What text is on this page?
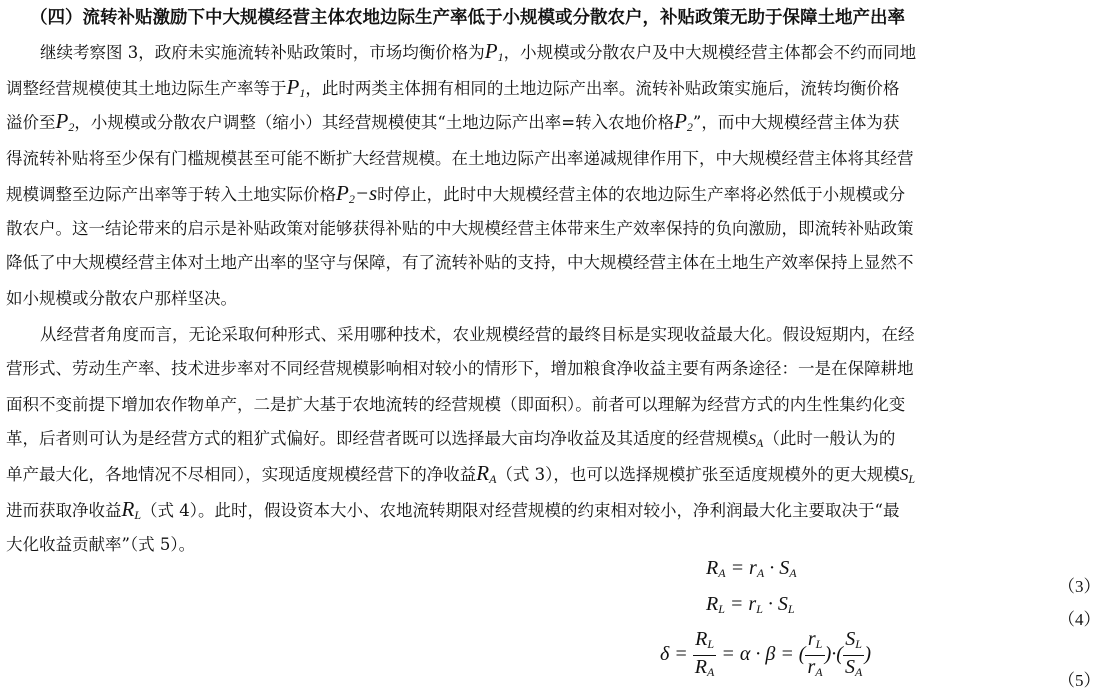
（四）流转补贴激励下中大规模经营主体农地边际生产率低于小规模或分散农户，补贴政策无助于保障土地产出率
继续考察图 3，政府未实施流转补贴政策时，市场均衡价格为P1，小规模或分散农户及中大规模经营主体都会不约而同地
调整经营规模使其土地边际生产率等于P1，此时两类主体拥有相同的土地边际产出率。流转补贴政策实施后，流转均衡价格
溢价至P2，小规模或分散农户调整（缩小）其经营规模使其“土地边际产出率=转入农地价格P2”，而中大规模经营主体为获
得流转补贴将至少保有门槛规模甚至可能不断扩大经营规模。在土地边际产出率递减规律作用下，中大规模经营主体将其经营
规模调整至边际产出率等于转入土地实际价格P2−s时停止，此时中大规模经营主体的农地边际生产率将必然低于小规模或分
散农户。这一结论带来的启示是补贴政策对能够获得补贴的中大规模经营主体带来生产效率保持的负向激励，即流转补贴政策
降低了中大规模经营主体对土地产出率的坚守与保障，有了流转补贴的支持，中大规模经营主体在土地生产效率保持上显然不
如小规模或分散农户那样坚决。
从经营者角度而言，无论采取何种形式、采用哪种技术，农业规模经营的最终目标是实现收益最大化。假设短期内，在经
营形式、劳动生产率、技术进步率对不同经营规模影响相对较小的情形下，增加粮食净收益主要有两条途径：一是在保障耕地
面积不变前提下增加农作物单产，二是扩大基于农地流转的经营规模（即面积）。前者可以理解为经营方式的内生性集约化变
革，后者则可认为是经营方式的粗犷式偏好。即经营者既可以选择最大亩均净收益及其适度的经营规模$S_A$（此时一般认为的
单产最大化，各地情况不尽相同），实现适度规模经营下的净收益RA（式 3），也可以选择规模扩张至适度规模外的更大规模SL
进而获取净收益RL（式 4）。此时，假设资本大小、农地流转期限对经营规模的约束相对较小，净利润最大化主要取决于“最
大化收益贡献率”（式 5）。
RA = rA · SA
（3）
RL = rL · SL
（4）
$\delta = \frac{RL}{RA} = \alpha \cdot \beta$ = ( $\frac{rL}{rA}$ )·( $\frac{SL}{SA}$ )
（5）
